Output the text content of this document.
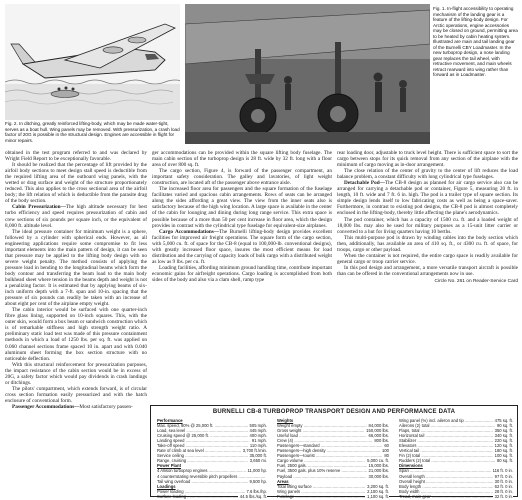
Fig. 2. In ditching, greatly reinforced lifting-body, which may be made water-tight, serves as a boat hull. Wing panels may be removed. With pressurization, a crash load factor of 20G is possible in the structural design. Engines are accessible in flight for minor repairs.
Fig. 1. In-flight accessibility to operating mechanism of the landing gear is a feature of the lifting-body design. For Arctic operations, engine accessories may be closed on ground, permitting area to be heated by cabin heating system. Illustrated are main and tail landing gear of the Burnelli CBY Loadmaster. In the new turboprop design, a nose landing gear replaces the tail wheel, with retractive movement, and main wheels retract rearward into wing rather than forward as in Loadmaster.

obtained in the test program referred to and was declared by Wright Field Report to be exceptionally favorable.

It should be realized that the percentage of lift provided by the airfoil body sections to meet design stall speed is deductible from the required lifting area of the outboard wing panels, with the wetted or drag surface and weight of the structure proportionately reduced. This also applies to the cross sectional area of the airfoil body; the lift relation of which is deductible from the parasite drag of the body section.

Cabin Pressurization—The high altitude necessary for best turbo efficiency and speed requires pressurization of cabin and crew sections of six pounds per square inch, or the equivalent of 8,000 ft. altitude level.

The ideal pressure container for minimum weight is a sphere, followed by a cylinder with spherical ends. However, as all engineering applications require some compromise to fit less important elements into the main pattern of design, it can be seen that pressure may be applied to the lifting body design with no severe weight penalty. The method consists of applying the pressure load in bending to the longitudinal beams which form the body contour and transferring the beam load to the main body bulkhead sheet where tension in the beams depth and weight is not a penalizing factor. It is estimated that by applying beams of six-inch uniform depth with a 7-ft. span and 10-in. spacing that the pressure of six pounds can readily be taken with an increase of about eight per cent of the airplane empty weight.

The cabin interior would be surfaced with one quarter-inch fibre glass lining, supported on 10-inch squares. This, with the outer skin, would form a box beam or sandwich construction which is of remarkable stiffness and high strength weight ratio. A preliminary static load test was made of this pressure containment methods in which a load of 1250 lbs. per sq. ft. was applied on 0.060 channel sections frame spaced 10 in. apart and with 0.040 aluminum sheet forming the box section structure with no noticeable deflection.

With this structural reinforcement for pressurization purposes, the impact resistance of the cabin section would be in excess of 20G, a safety factor which would pay dividends in crash landings or ditchings.

The pilots' compartment, which extends forward, is of circular cross section formation easily pressurized and with the hatch enclosure of conventional form.

Passenger Accommodations—Most satisfactory passen-

ger accommodations can be provided within the square lifting body fuselage. The main cabin section of the turboprop design is 28 ft. wide by 32 ft. long with a floor area of over 800 sq. ft.

The cargo section, Figure 4, is forward of the passenger compartment, an important safety consideration. The galley and lavatories, of light weight construction, are located aft of the passenger above entrance aisle.

The increased floor area for passengers and the square formation of the fuselage facilitates varied and spacious cabin arrangements. Rows of seats can be arranged along the sides affording a great view. The view from the inner seats also is satisfactory because of the high wing location. A large space is available in the center of the cabin for lounging and dining during long range service. This extra space is possible because of a more than 50 per cent increase in floor area, which the design provides in contrast with the cylindrical type fuselage for equivalent-size airplanes.

Cargo Accommodations—The Burnelli lifting-body design provides excellent facilities for improved air freight operations. The square form of the cargo section, with 5,000 cu. ft. of space for the CB-8 (equal to 100,000-lb. conventional designs), with greatly increased floor space, insures the most efficient means for load distribution and the carrying of capacity loads of bulk cargo with a distributed weight as low as 9 lbs. per cu. ft.

Loading facilities, affording minimum ground handling time, contribute important economic gains for airfreight operations. Cargo loading is accomplished from both sides of the body and also via a clam shell, ramp type

rear loading door, adjustable to truck level height. There is sufficient space to sort the cargo between stops for its quick removal from any section of the airplane with the minimum of cargo moving as in-door arrangement.

The close relation of the center of gravity to the center of lift reduces the load balance problem, a constant difficulty with long cylindrical type fuselages.

Detachable Pod—The CB-8 design as planned for air cargo service also can be arranged for carrying a detachable pod or container, Figure 5, measuring 20 ft. in length, 10 ft. wide and 7 ft. 6 in. high. The pod is a trailer type of square section. Its simple design lends itself to low fabricating costs as well as being a space-saver. Furthermore, in contrast to existing pod designs, the CB-8 pod is almost completely enclosed in the lifting-body, thereby little affecting the plane's aerodynamics.

The pod container, which has a capacity of 1500 cu. ft. and a loaded weight of 18,000 lbs. may also be used for military purposes as a 15-unit litter carrier or converted to a hut for living quarters having 10 berths.

This multi-purpose pod is drawn by winding cables into the body section which then, additionally, has available an area of 410 sq. ft., or 4300 cu. ft. of space, for troops, cargo or other payload.

When the container is not required, the entire cargo space is readily available for general cargo or troop carrier service.

In this pod design and arrangement, a more versatile transport aircraft is possible than can be offered in the conventional arrangements now in use.

Circle No. 261 on Reader-Service Card
BURNELLI CB-8 TURBOPROP TRANSPORT DESIGN AND PERFORMANCE DATA
Performance
Max. speed, 90% @ 25,000 ft. .....	505 mph.
Load, sea level .....	445 mph.
Cruising speed @ 25,000 ft. .....	400 mph.
Landing speed .....	91 mph.
Take-off speed .....	110 mph.
Rate of climb at sea level .....	3,700 ft./min.
Service ceiling .....	35,000 ft.
Range, cruising .....	3,650 mi.
Power Plant
4 Allison turboprop engines .....	11,000 hp.
4 counterrotating reversible pitch propellers .....
Tail wing overload .....	9,500 hp.
Loadings
Power loading .....	7.6 lbs./hp.
Surface loading .....	44.5 lbs./sq. ft.
Weights
Weight empty .....	84,000 lbs.
Gross weight .....	150,000 lbs.
Useful load .....	66,000 lbs.
Crew (4) .....	800 lbs.
Passengers—standard .....	60
Passengers—high density .....	100
Passengers—tourist .....	80
Cargo volume .....	5,000 cu. ft.
Fuel, 2500 gals. .....	15,000 lbs.
Fuel, 3500 gals. plus 10% reserve .....	21,000 lbs.
Payload .....	30,000 lbs.
Areas
Total lifting surface .....	3,200 sq. ft.
Wing panels .....	2,100 sq. ft.
Fuselage .....	1,100 sq. ft.
Wing panel (%) incl. aileron and tip .....	475 sq. ft.
Ailerons (2) total .....	90 sq. ft.
Flaps, total .....	350 sq. ft.
Horizontal tail .....	340 sq. ft.
Stabilizer .....	220 sq. ft.
Elevators .....	120 sq. ft.
Vertical tail .....	180 sq. ft.
Fin (2) total .....	100 sq. ft.
Rudders (2) total .....	80 sq. ft.
Dimensions
Span .....	116 ft. 0 in.
Overall length .....	97 ft. 0 in.
Overall height .....	30 ft. 0 in.
Body length .....	62 ft. 0 in.
Body width .....	28 ft. 0 in.
Tread, main gear .....	32 ft. 0 in.
